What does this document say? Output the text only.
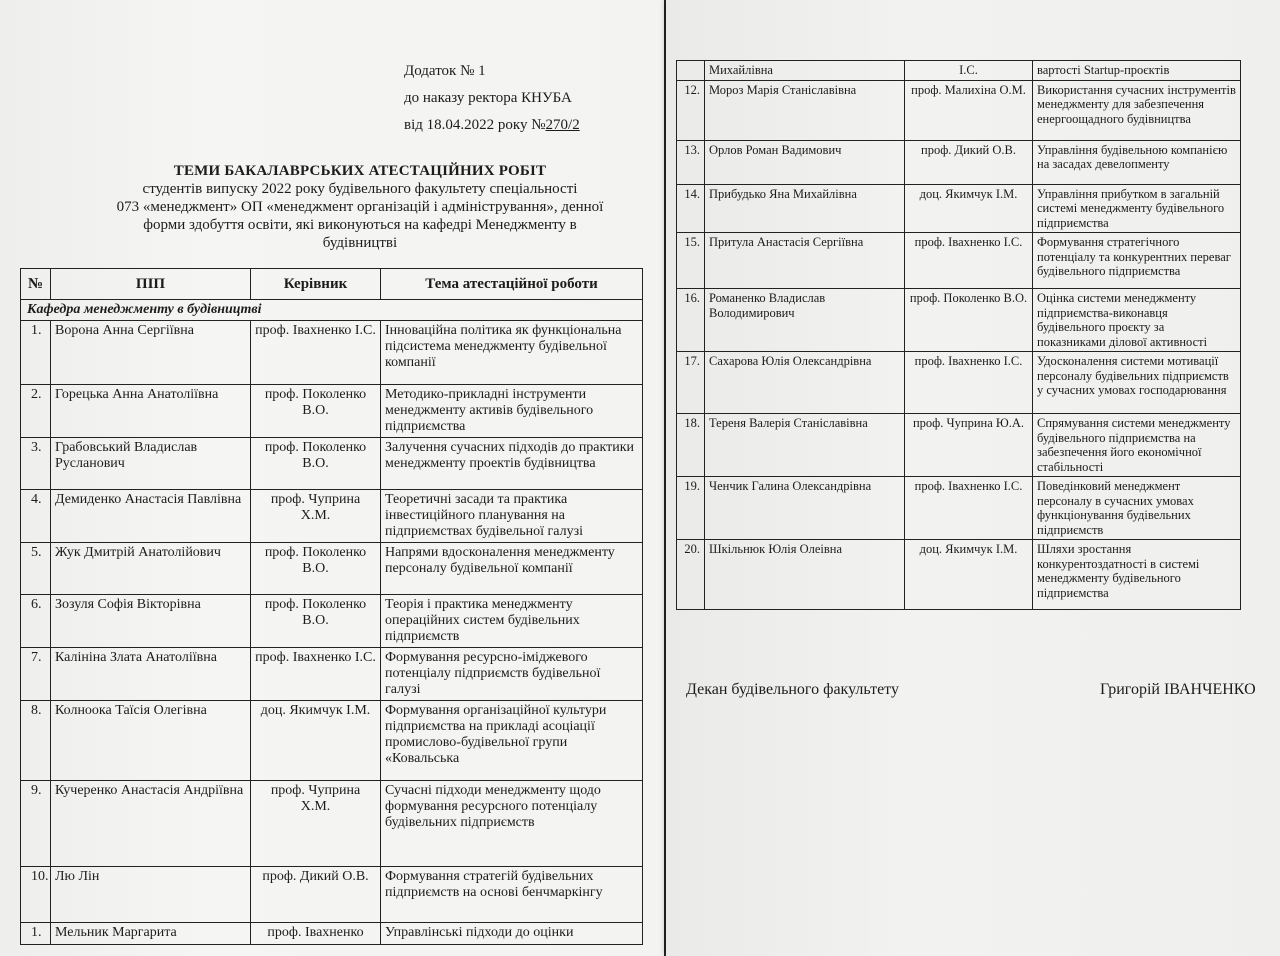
Додаток № 1
до наказу ректора КНУБА
від 18.04.2022 року №270/2
ТЕМИ БАКАЛАВРСЬКИХ АТЕСТАЦІЙНИХ РОБІТ
студентів випуску 2022 року будівельного факультету спеціальності
073 «менеджмент» ОП «менеджмент організацій і адміністрування», денної
форми здобуття освіти, які виконуються на кафедрі Менеджменту в
будівництві
№	ПІП	Керівник	Тема атестаційної роботи
Кафедра менеджменту в будівництві			
1.	Ворона Анна Сергіївна	проф. Івахненко І.С.	Інноваційна політика як функціональна підсистема менеджменту будівельної компанії
2.	Горецька Анна Анатоліївна	проф. Поколенко В.О.	Методико-прикладні інструменти менеджменту активів будівельного підприємства
3.	Грабовський Владислав Русланович	проф. Поколенко В.О.	Залучення сучасних підходів до практики менеджменту проектів будівництва
4.	Демиденко Анастасія Павлівна	проф. Чуприна Х.М.	Теоретичні засади та практика інвестиційного планування на підприємствах будівельної галузі
5.	Жук Дмитрій Анатолійович	проф. Поколенко В.О.	Напрями вдосконалення менеджменту персоналу будівельної компанії
6.	Зозуля Софія Вікторівна	проф. Поколенко В.О.	Теорія і практика менеджменту операційних систем будівельних підприємств
7.	Калініна Злата Анатоліївна	проф. Івахненко І.С.	Формування ресурсно-іміджевого потенціалу підприємств будівельної галузі
8.	Колноока Таїсія Олегівна	доц. Якимчук І.М.	Формування організаційної культури підприємства на прикладі асоціації промислово-будівельної групи «Ковальська
9.	Кучеренко Анастасія Андріївна	проф. Чуприна Х.М.	Сучасні підходи менеджменту щодо формування ресурсного потенціалу будівельних підприємств
10.	Лю Лін	проф. Дикий О.В.	Формування стратегій будівельних підприємств на основі бенчмаркінгу
1.	Мельник Маргарита	проф. Івахненко	Управлінські підходи до оцінки
	Михайлівна	І.С.	вартості Startup-проєктів
12.	Мороз Марія Станіславівна	проф. Малихіна О.М.	Використання сучасних інструментів менеджменту для забезпечення енергоощадного будівництва
13.	Орлов Роман Вадимович	проф. Дикий О.В.	Управління будівельною компанією на засадах девелопменту
14.	Прибудько Яна Михайлівна	доц. Якимчук І.М.	Управління прибутком в загальній системі менеджменту будівельного підприємства
15.	Притула Анастасія Сергіївна	проф. Івахненко І.С.	Формування стратегічного потенціалу та конкурентних переваг будівельного підприємства
16.	Романенко Владислав Володимирович	проф. Поколенко В.О.	Оцінка системи менеджменту підприємства-виконавця будівельного проєкту за показниками ділової активності
17.	Сахарова Юлія Олександрівна	проф. Івахненко І.С.	Удосконалення системи мотивації персоналу будівельних підприємств у сучасних умовах господарювання
18.	Тереня Валерія Станіславівна	проф. Чуприна Ю.А.	Спрямування системи менеджменту будівельного підприємства на забезпечення його економічної стабільності
19.	Ченчик Галина Олександрівна	проф. Івахненко І.С.	Поведінковий менеджмент персоналу в сучасних умовах функціонування будівельних підприємств
20.	Шкільнюк Юлія Олеівна	доц. Якимчук І.М.	Шляхи зростання конкурентоздатності в системі менеджменту будівельного підприємства
Декан будівельного факультету	Григорій ІВАНЧЕНКО
